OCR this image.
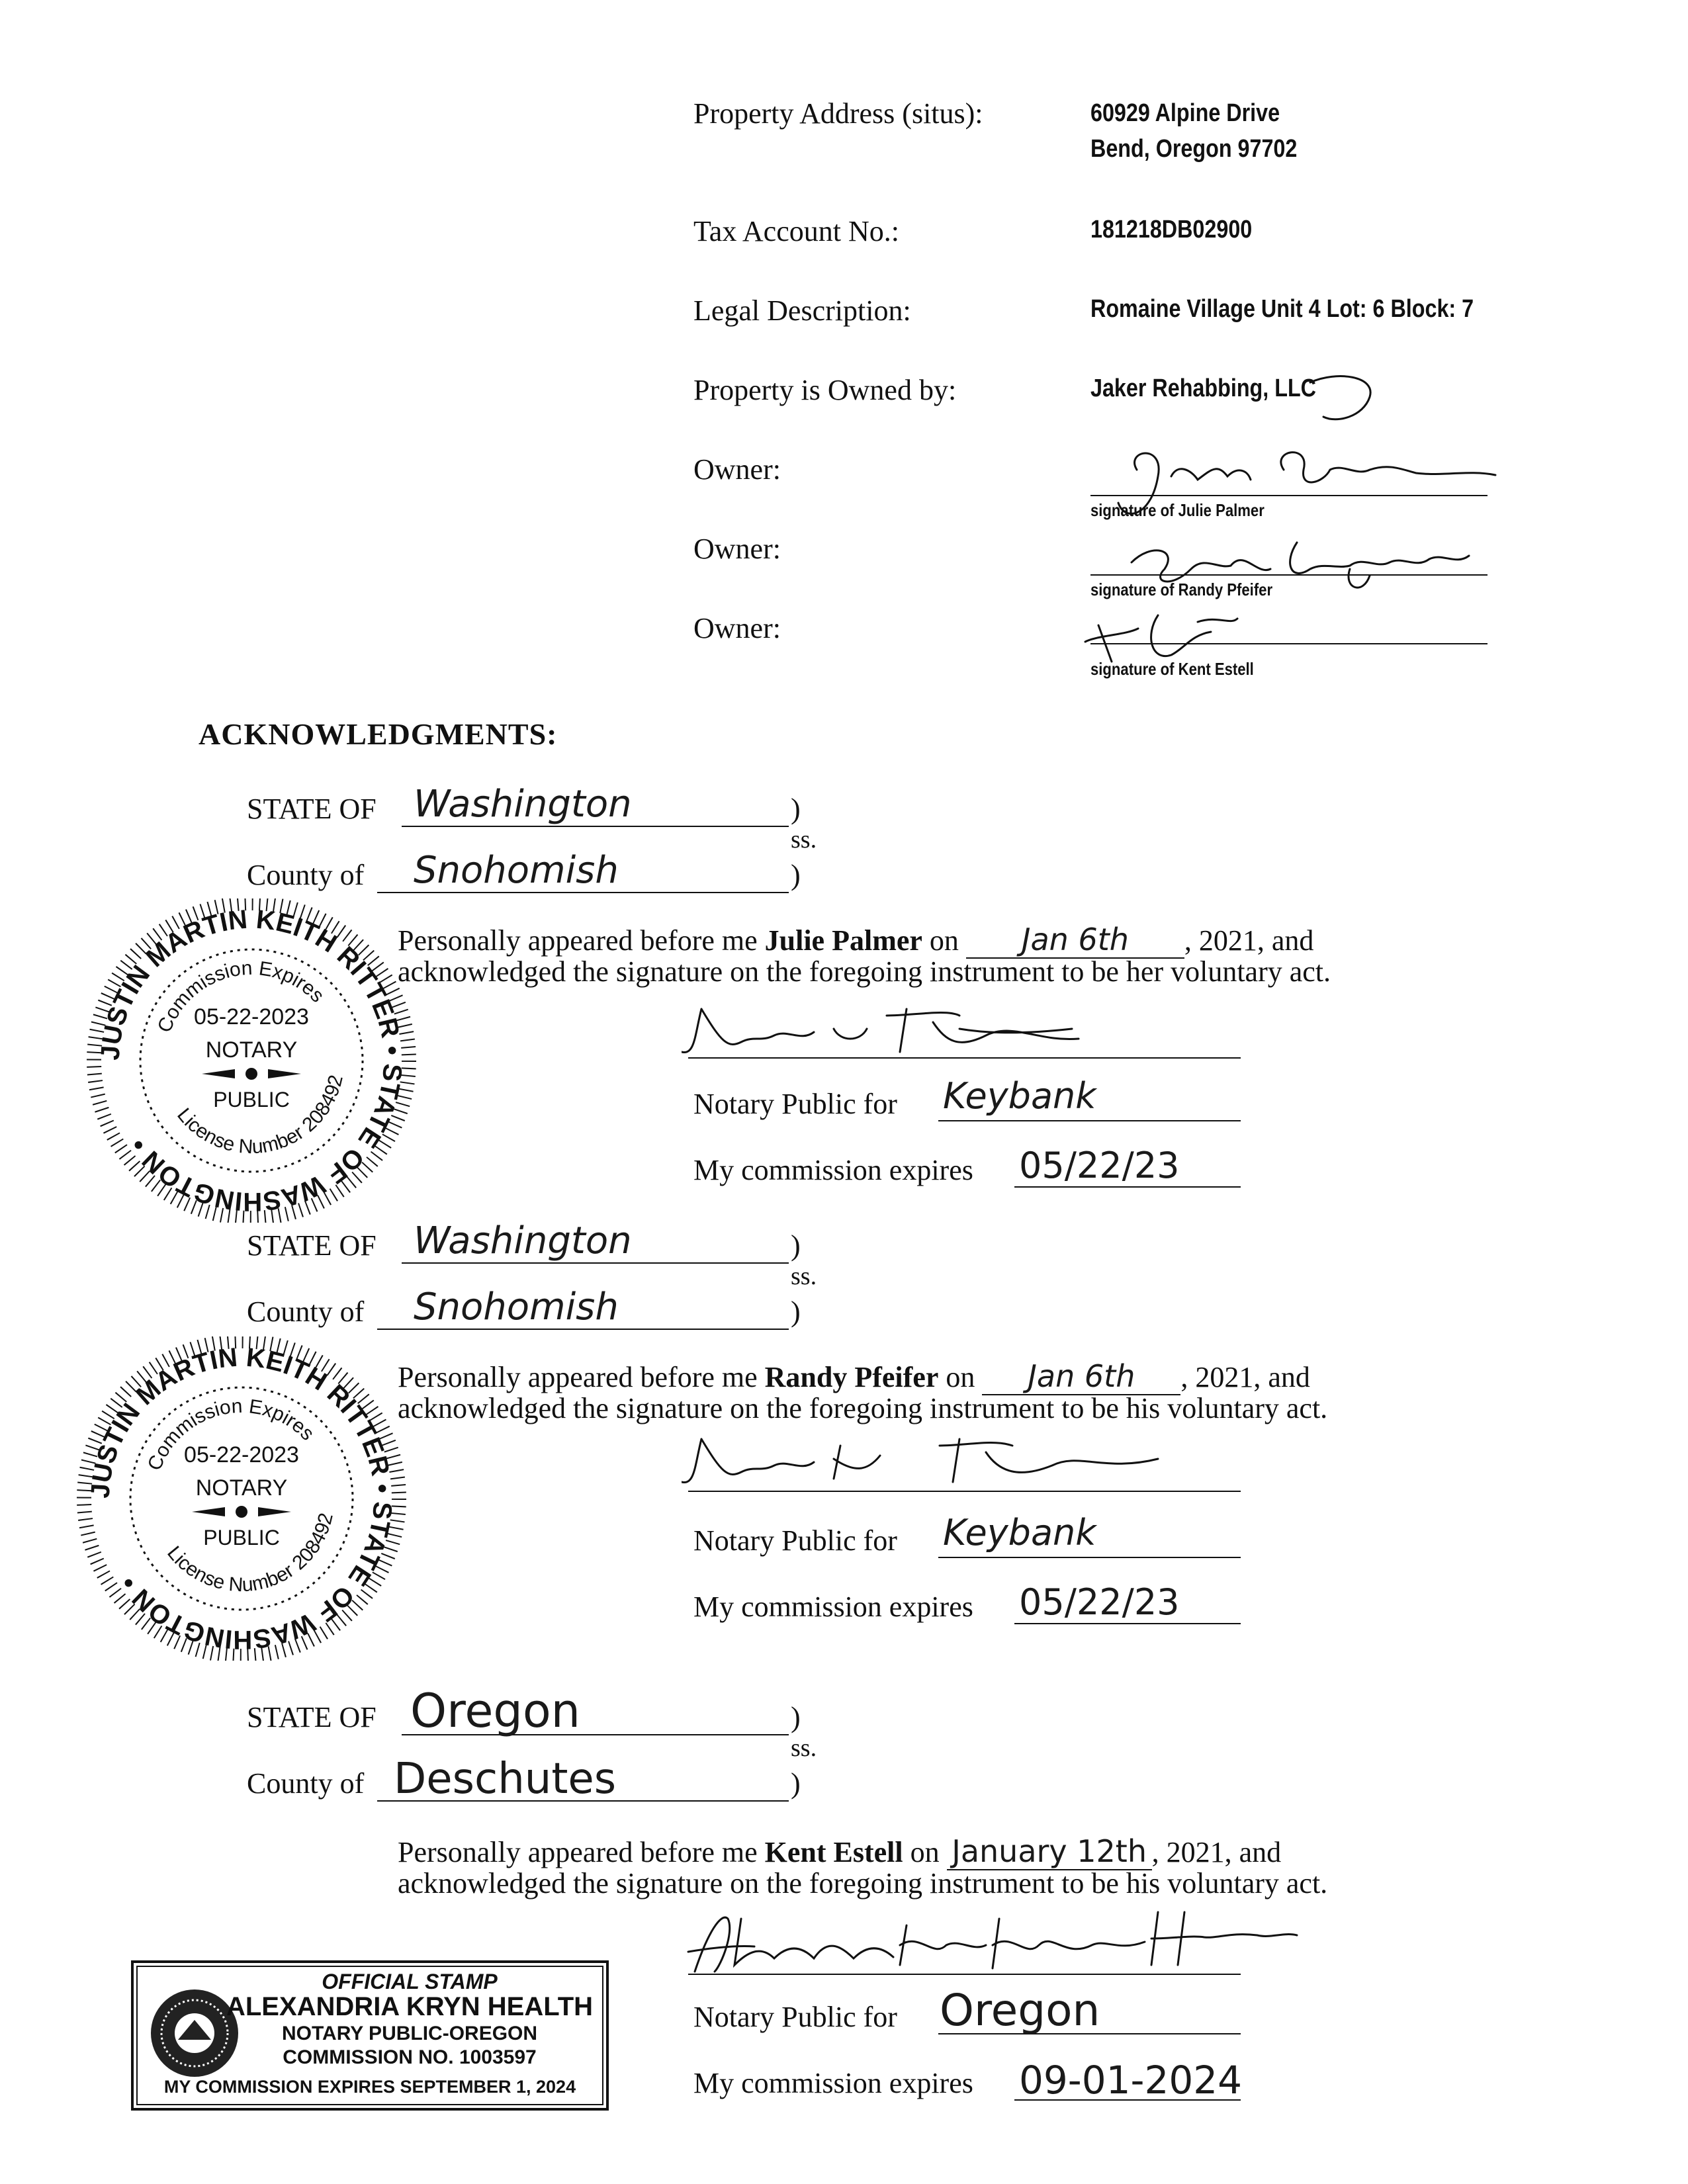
Property Address (situs):	60929 Alpine Drive
Bend, Oregon 97702
Tax Account No.:	181218DB02900
Legal Description:	Romaine Village Unit 4 Lot: 6 Block: 7
Property is Owned by:	Jaker Rehabbing, LLC
Owner:
signature of Julie Palmer
Owner:
signature of Randy Pfeifer
Owner:
signature of Kent Estell
ACKNOWLEDGMENTS:
STATE OF Washington	)
ss.
County of Snohomish	)
Personally appeared before me Julie Palmer on Jan 6th , 2021, and
acknowledged the signature on the foregoing instrument to be her voluntary act.
Notary Public for Keybank
My commission expires 05/22/23
JUSTIN MARTIN KEITH RITTER • STATE OF WASHINGTON •
Commission Expires
License Number 208492
05-22-2023
NOTARY
PUBLIC
STATE OF Washington	)
ss.
County of Snohomish	)
Personally appeared before me Randy Pfeifer on Jan 6th , 2021, and
acknowledged the signature on the foregoing instrument to be his voluntary act.
Notary Public for Keybank
My commission expires 05/22/23
JUSTIN MARTIN KEITH RITTER • STATE OF WASHINGTON •
Commission Expires
License Number 208492
05-22-2023
NOTARY
PUBLIC
STATE OF Oregon	)
ss.
County of Deschutes	)
Personally appeared before me Kent Estell on January 12th , 2021, and
acknowledged the signature on the foregoing instrument to be his voluntary act.
Notary Public for Oregon
My commission expires 09-01-2024
OFFICIAL STAMP
ALEXANDRIA KRYN HEALTH
NOTARY PUBLIC-OREGON
COMMISSION NO. 1003597
MY COMMISSION EXPIRES SEPTEMBER 1, 2024
